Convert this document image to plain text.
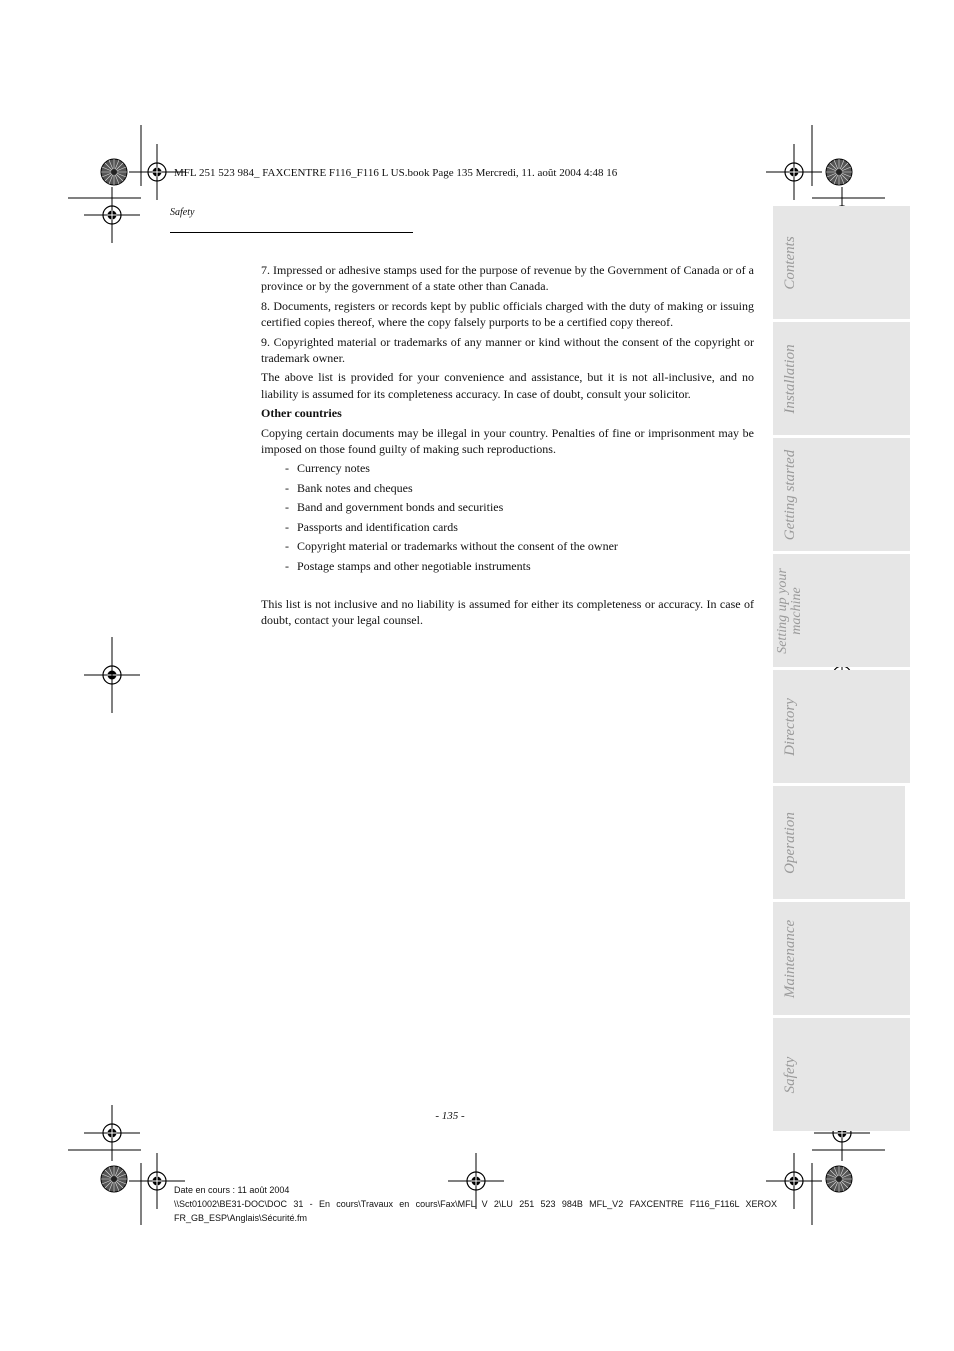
MFL 251 523 984_ FAXCENTRE F116_F116 L US.book Page 135 Mercredi, 11. août 2004 4:48 16
Safety

7. Impressed or adhesive stamps used for the purpose of revenue by the Government of Canada or of a province or by the government of a state other than Canada.

8. Documents, registers or records kept by public officials charged with the duty of making or issuing certified copies thereof, where the copy falsely purports to be a certified copy thereof.

9. Copyrighted material or trademarks of any manner or kind without the consent of the copyright or trademark owner.

The above list is provided for your convenience and assistance, but it is not all-inclusive, and no liability is assumed for its completeness accuracy. In case of doubt, consult your solicitor.

Other countries

Copying certain documents may be illegal in your country. Penalties of fine or imprisonment may be imposed on those found guilty of making such reproductions.

- Currency notes
- Bank notes and cheques
- Band and government bonds and securities
- Passports and identification cards
- Copyright material or trademarks without the consent of the owner
- Postage stamps and other negotiable instruments

This list is not inclusive and no liability is assumed for either its completeness or accuracy. In case of doubt, contact your legal counsel.

Contents
Installation
Getting started
Setting up your machine
Directory
Operation
Maintenance
Safety
- 135 -
Date en cours : 11 août 2004
\\Sct01002\BE31-DOC\DOC 31 - En cours\Travaux en cours\Fax\MFL V 2\LU 251 523 984B MFL_V2 FAXCENTRE F116_F116L XEROX
FR_GB_ESP\Anglais\Sécurité.fm
